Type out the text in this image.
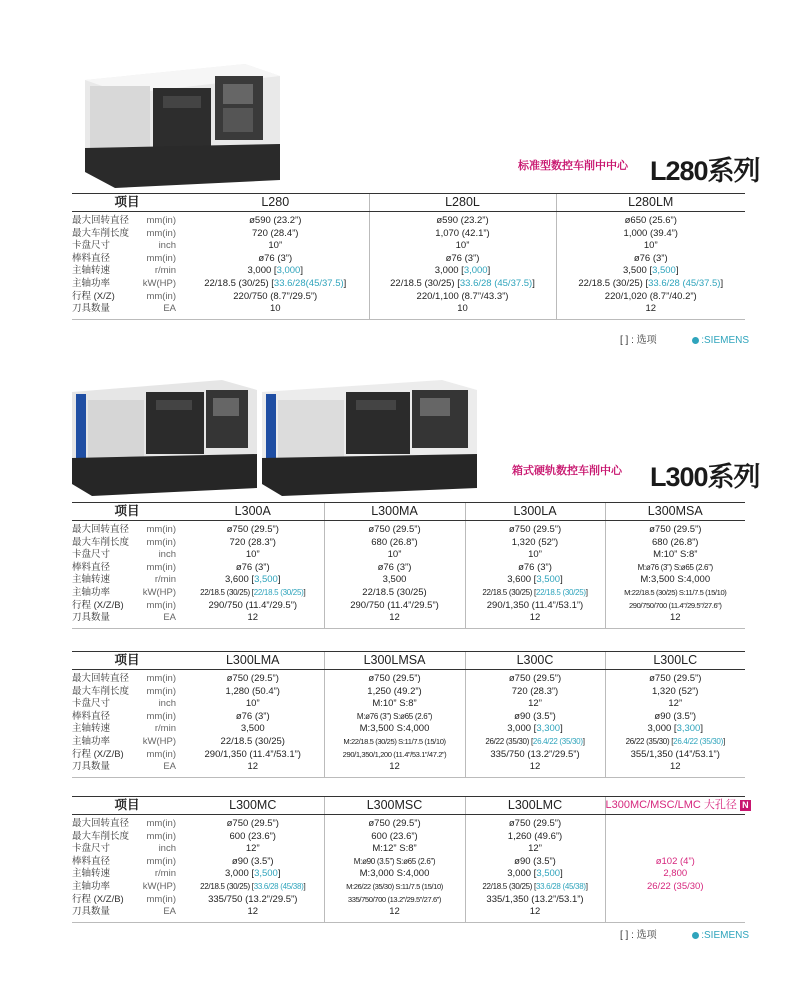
标准型数控车削中中心 L280系列
项目	L280	L280L	L280LM

最大回转直径 mm(in)	ø590 (23.2”)	ø590 (23.2”)	ø650 (25.6”)

最大车削长度 mm(in)	720 (28.4”)	1,070 (42.1”)	1,000 (39.4”)

卡盘尺寸 inch	10”	10”	10”

棒料直径 mm(in)	ø76 (3”)	ø76 (3”)	ø76 (3”)

主轴转速 r/min	3,000 [3,000]	3,000 [3,000]	3,500 [3,500]

主轴功率 kW(HP)	22/18.5 (30/25) [33.6/28(45/37.5)]	22/18.5 (30/25) [33.6/28 (45/37.5)]	22/18.5 (30/25) [33.6/28 (45/37.5)]

行程 (X/Z) mm(in)	220/750 (8.7”/29.5”)	220/1,100 (8.7”/43.3”)	220/1,020 (8.7”/40.2”)

刀具数量 EA	10	10	12
[ ] : 选项	:SIEMENS
箱式硬轨数控车削中心 L300系列
项目	L300A	L300MA	L300LA	L300MSA

最大回转直径 mm(in)	ø750 (29.5”)	ø750 (29.5”)	ø750 (29.5”)	ø750 (29.5”)

最大车削长度 mm(in)	720 (28.3”)	680 (26.8”)	1,320 (52”)	680 (26.8”)

卡盘尺寸 inch	10”	10”	10”	M:10” S:8”

棒料直径 mm(in)	ø76 (3”)	ø76 (3”)	ø76 (3”)	M:ø76 (3”) S:ø65 (2.6”)

主轴转速 r/min	3,600 [3,500]	3,500	3,600 [3,500]	M:3,500 S:4,000

主轴功率 kW(HP)	22/18.5 (30/25) [22/18.5 (30/25)]	22/18.5 (30/25)	22/18.5 (30/25) [22/18.5 (30/25)]	M:22/18.5 (30/25) S:11/7.5 (15/10)

行程 (X/Z/B) mm(in)	290/750 (11.4”/29.5”)	290/750 (11.4”/29.5”)	290/1,350 (11.4”/53.1”)	290/750/700 (11.4”/29.5”/27.6”)

刀具数量 EA	12	12	12	12
项目	L300LMA	L300LMSA	L300C	L300LC

最大回转直径 mm(in)	ø750 (29.5”)	ø750 (29.5”)	ø750 (29.5”)	ø750 (29.5”)

最大车削长度 mm(in)	1,280 (50.4”)	1,250 (49.2”)	720 (28.3”)	1,320 (52”)

卡盘尺寸 inch	10”	M:10” S:8”	12”	12”

棒料直径 mm(in)	ø76 (3”)	M:ø76 (3”) S:ø65 (2.6”)	ø90 (3.5”)	ø90 (3.5”)

主轴转速 r/min	3,500	M:3,500 S:4,000	3,000 [3,300]	3,000 [3,300]

主轴功率 kW(HP)	22/18.5 (30/25)	M:22/18.5 (30/25) S:11/7.5 (15/10)	26/22 (35/30) [26.4/22 (35/30)]	26/22 (35/30) [26.4/22 (35/30)]

行程 (X/Z/B) mm(in)	290/1,350 (11.4”/53.1”)	290/1,350/1,200 (11.4”/53.1”/47.2”)	335/750 (13.2”/29.5”)	355/1,350 (14”/53.1”)

刀具数量 EA	12	12	12	12
项目	L300MC	L300MSC	L300LMC	L300MC/MSC/LMC 大孔径 N

最大回转直径 mm(in)	ø750 (29.5”)	ø750 (29.5”)	ø750 (29.5”)	

最大车削长度 mm(in)	600 (23.6”)	600 (23.6”)	1,260 (49.6”)	

卡盘尺寸 inch	12”	M:12” S:8”	12”	

棒料直径 mm(in)	ø90 (3.5”)	M:ø90 (3.5”) S:ø65 (2.6”)	ø90 (3.5”)	ø102 (4”)

主轴转速 r/min	3,000 [3,500]	M:3,000 S:4,000	3,000 [3,500]	2,800

主轴功率 kW(HP)	22/18.5 (30/25) [33.6/28 (45/38)]	M:26/22 (35/30) S:11/7.5 (15/10)	22/18.5 (30/25) [33.6/28 (45/38)]	26/22 (35/30)

行程 (X/Z/B) mm(in)	335/750 (13.2”/29.5”)	335/750/700 (13.2”/29.5”/27.6”)	335/1,350 (13.2”/53.1”)	

刀具数量 EA	12	12	12	
[ ] : 选项	:SIEMENS
